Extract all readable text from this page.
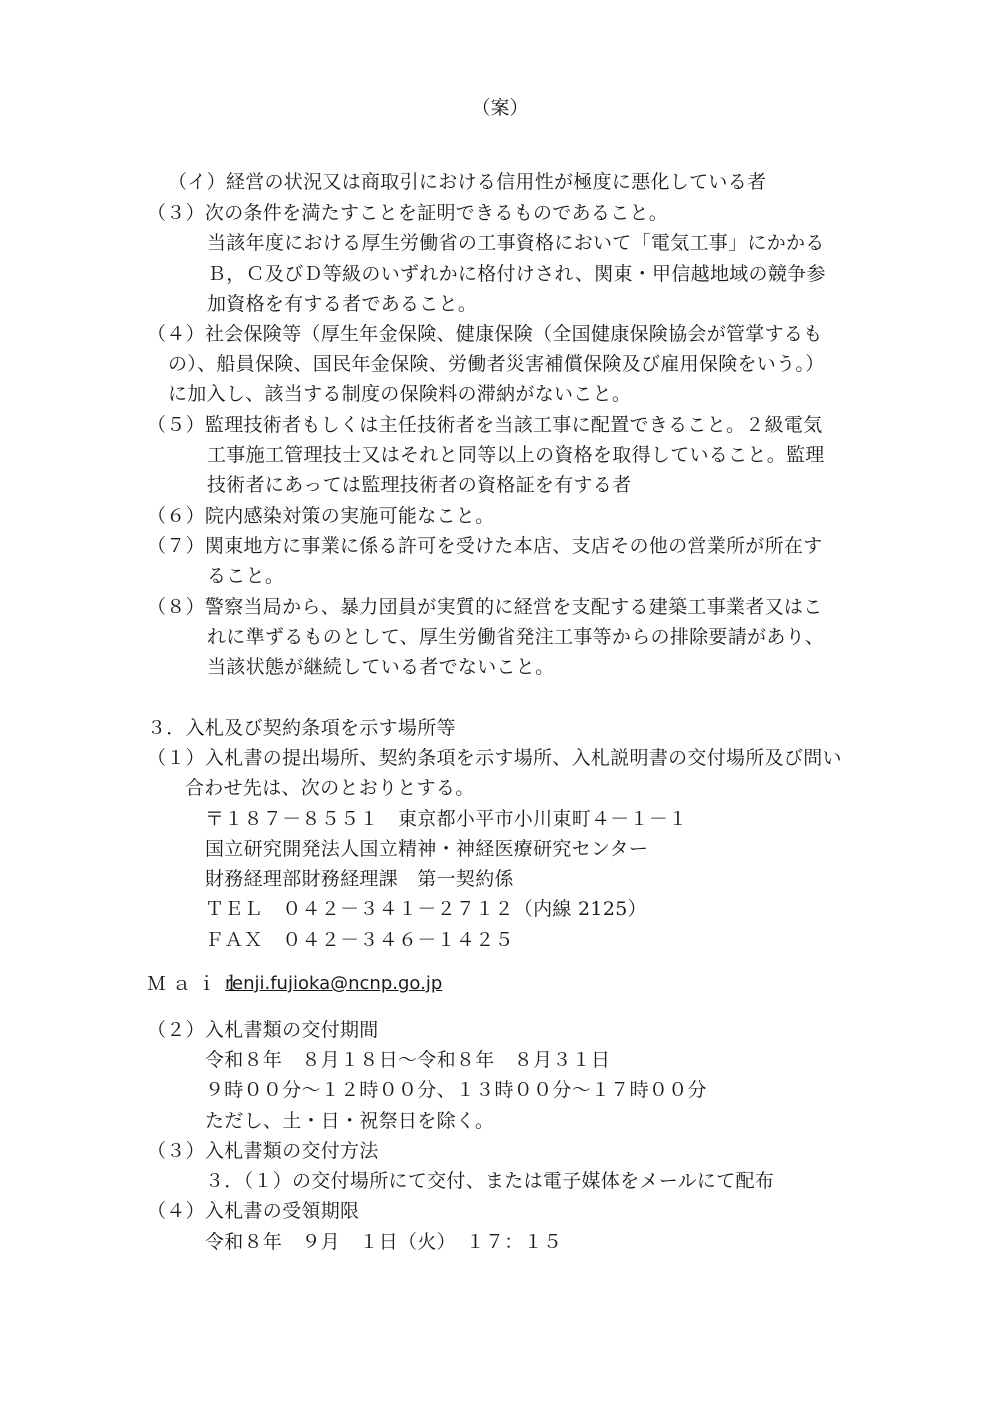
（案）
（イ）経営の状況又は商取引における信用性が極度に悪化している者
（３）次の条件を満たすことを証明できるものであること。
当該年度における厚生労働省の工事資格において「電気工事」にかかる
Ｂ，Ｃ及びＤ等級のいずれかに格付けされ、関東・甲信越地域の競争参
加資格を有する者であること。
（４）社会保険等（厚生年金保険、健康保険（全国健康保険協会が管掌するも
の）、船員保険、国民年金保険、労働者災害補償保険及び雇用保険をいう。）
に加入し、該当する制度の保険料の滞納がないこと。
（５）監理技術者もしくは主任技術者を当該工事に配置できること。２級電気
工事施工管理技士又はそれと同等以上の資格を取得していること。監理
技術者にあっては監理技術者の資格証を有する者
（６）院内感染対策の実施可能なこと。
（７）関東地方に事業に係る許可を受けた本店、支店その他の営業所が所在す
ること。
（８）警察当局から、暴力団員が実質的に経営を支配する建築工事業者又はこ
れに準ずるものとして、厚生労働省発注工事等からの排除要請があり、
当該状態が継続している者でないこと。
３．入札及び契約条項を示す場所等
（１）入札書の提出場所、契約条項を示す場所、入札説明書の交付場所及び問い
合わせ先は、次のとおりとする。
〒１８７－８５５１　東京都小平市小川東町４－１－１
国立研究開発法人国立精神・神経医療研究センター
財務経理部財務経理課　第一契約係
ＴＥＬ　０４２－３４１－２７１２（内線 2125）
ＦＡＸ　０４２－３４６－１４２５
Ｍａｉｌ
renji.fujioka@ncnp.go.jp
（２）入札書類の交付期間
令和８年　８月１８日～令和８年　８月３１日
９時００分～１２時００分、１３時００分～１７時００分
ただし、土・日・祝祭日を除く。
（３）入札書類の交付方法
３．（１）の交付場所にて交付、または電子媒体をメールにて配布
（４）入札書の受領期限
令和８年　９月　１日（火）　１７：１５
